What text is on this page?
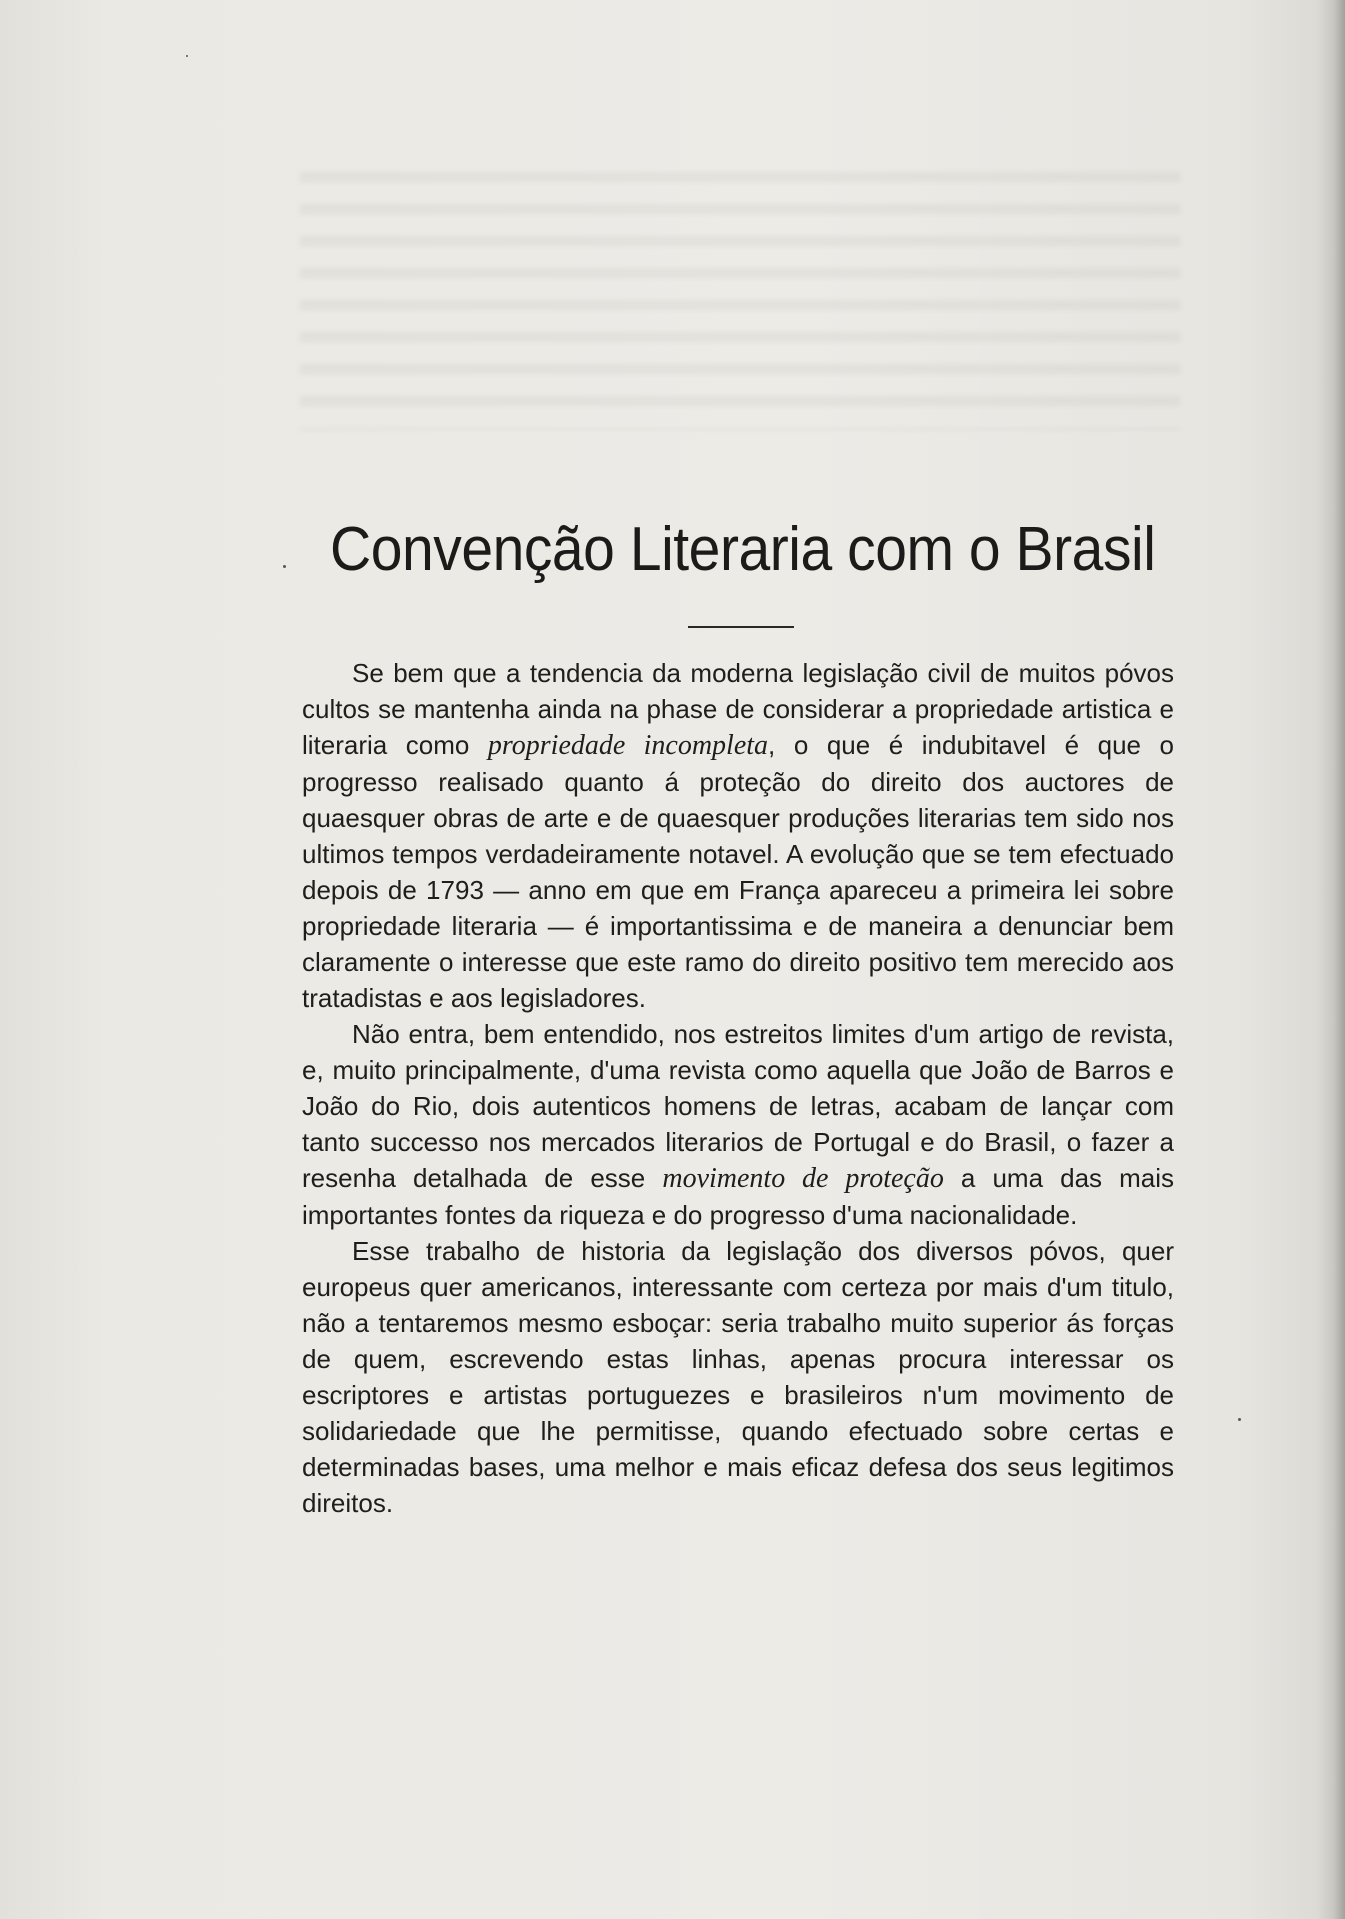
Convenção Literaria com o Brasil

Se bem que a tendencia da moderna legislação civil de muitos póvos cultos se mantenha ainda na phase de considerar a propriedade artistica e literaria como propriedade incompleta, o que é indubitavel é que o progresso realisado quanto á proteção do direito dos auctores de quaesquer obras de arte e de quaesquer produções literarias tem sido nos ultimos tempos verdadeiramente notavel. A evolução que se tem efectuado depois de 1793 — anno em que em França apareceu a primeira lei sobre propriedade literaria — é importantissima e de maneira a denunciar bem claramente o interesse que este ramo do direito positivo tem merecido aos tratadistas e aos legisladores.

Não entra, bem entendido, nos estreitos limites d'um artigo de revista, e, muito principalmente, d'uma revista como aquella que João de Barros e João do Rio, dois autenticos homens de letras, acabam de lançar com tanto successo nos mercados literarios de Portugal e do Brasil, o fazer a resenha detalhada de esse movimento de proteção a uma das mais importantes fontes da riqueza e do progresso d'uma nacionalidade.

Esse trabalho de historia da legislação dos diversos póvos, quer europeus quer americanos, interessante com certeza por mais d'um titulo, não a tentaremos mesmo esboçar: seria trabalho muito superior ás forças de quem, escrevendo estas linhas, apenas procura interessar os escriptores e artistas portuguezes e brasileiros n'um movimento de solidariedade que lhe permitisse, quando efectuado sobre certas e determinadas bases, uma melhor e mais eficaz defesa dos seus legitimos direitos.
